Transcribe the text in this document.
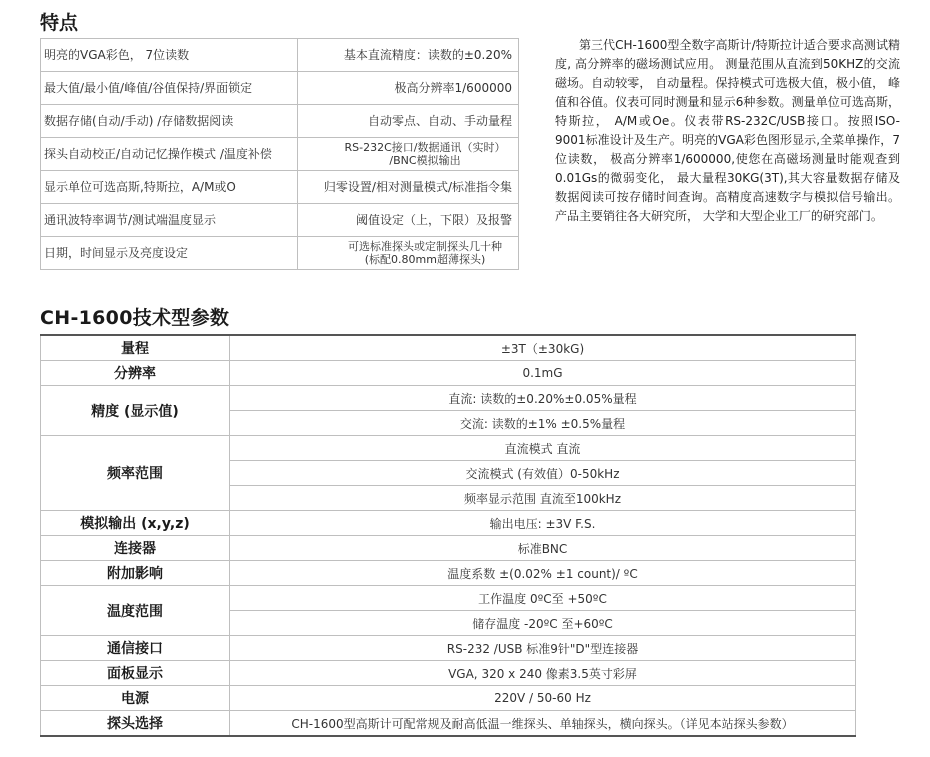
特点
明亮的VGA彩色， 7位读数	基本直流精度：读数的±0.20%
最大值/最小值/峰值/谷值保持/界面锁定	极高分辨率1/600000
数据存储(自动/手动) /存储数据阅读	自动零点、自动、手动量程
探头自动校正/自动记忆操作模式 /温度补偿	RS-232C接口/数据通讯（实时）
/BNC模拟输出

显示单位可选高斯,特斯拉，A/M或O	归零设置/相对测量模式/标准指令集
通讯波特率调节/测试端温度显示	阈值设定（上，下限）及报警
日期，时间显示及亮度设定	可选标准探头或定制探头几十种
(标配0.80mm超薄探头)
第三代CH-1600型全数字高斯计/特斯拉计适合要求高测试精度, 高分辨率的磁场测试应用。 测量范围从直流到50KHZ的交流磁场。自动较零， 自动量程。保持模式可选极大值，极小值， 峰值和谷值。仪表可同时测量和显示6种参数。测量单位可选高斯， 特斯拉， A/M或Oe。仪表带RS-232C/USB接口。按照ISO-9001标准设计及生产。明亮的VGA彩色图形显示,全菜单操作，7位读数， 极高分辨率1/600000,使您在高磁场测量时能观查到0.01Gs的微弱变化， 最大量程30KG(3T),其大容量数据存储及数据阅读可按存储时间查询。高精度高速数字与模拟信号输出。产品主要销往各大研究所， 大学和大型企业工厂的研究部门。
CH-1600技术型参数
量程	±3T（±30kG)
分辨率	0.1mG
精度 (显示值)	直流: 读数的±0.20%±0.05%量程
	交流: 读数的±1% ±0.5%量程
频率范围	直流模式 直流
	交流模式 (有效值）0-50kHz
	频率显示范围 直流至100kHz
模拟输出 (x,y,z)	输出电压: ±3V F.S.
连接器	标准BNC
附加影响	温度系数 ±(0.02% ±1 count)/ ºC
温度范围	工作温度 0ºC至 +50ºC
	储存温度 -20ºC 至+60ºC
通信接口	RS-232 /USB 标准9针"D"型连接器
面板显示	VGA, 320 x 240 像素3.5英寸彩屏
电源	220V / 50-60 Hz
探头选择	CH-1600型高斯计可配常规及耐高低温一维探头、单轴探头，横向探头。（详见本站探头参数）
